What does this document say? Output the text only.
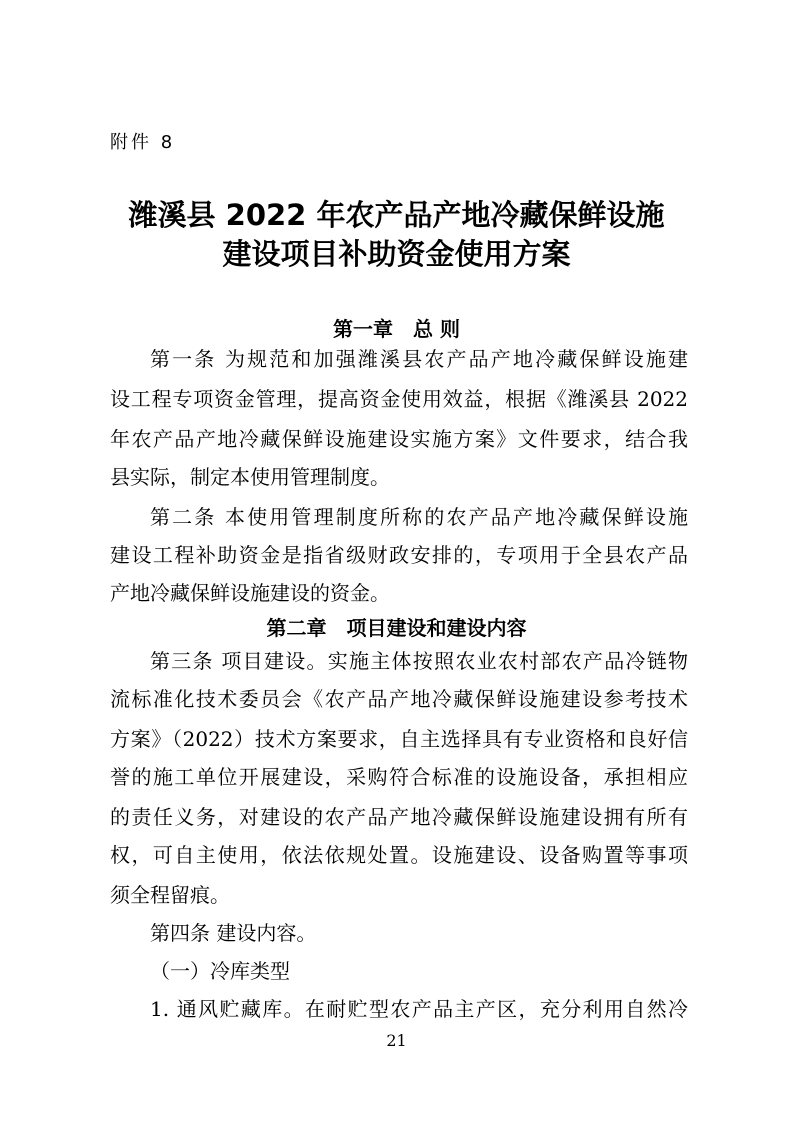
附件 8
潍溪县 2022 年农产品产地冷藏保鲜设施
建设项目补助资金使用方案
第一章　总 则
第一条 为规范和加强潍溪县农产品产地冷藏保鲜设施建
设工程专项资金管理，提高资金使用效益，根据《潍溪县 2022
年农产品产地冷藏保鲜设施建设实施方案》文件要求，结合我
县实际，制定本使用管理制度。
第二条 本使用管理制度所称的农产品产地冷藏保鲜设施
建设工程补助资金是指省级财政安排的，专项用于全县农产品
产地冷藏保鲜设施建设的资金。
第二章　项目建设和建设内容
第三条 项目建设。实施主体按照农业农村部农产品冷链物
流标准化技术委员会《农产品产地冷藏保鲜设施建设参考技术
方案》（2022）技术方案要求，自主选择具有专业资格和良好信
誉的施工单位开展建设，采购符合标准的设施设备，承担相应
的责任义务，对建设的农产品产地冷藏保鲜设施建设拥有所有
权，可自主使用，依法依规处置。设施建设、设备购置等事项
须全程留痕。
第四条 建设内容。
（一）冷库类型
1. 通风贮藏库。在耐贮型农产品主产区，充分利用自然冷
21
